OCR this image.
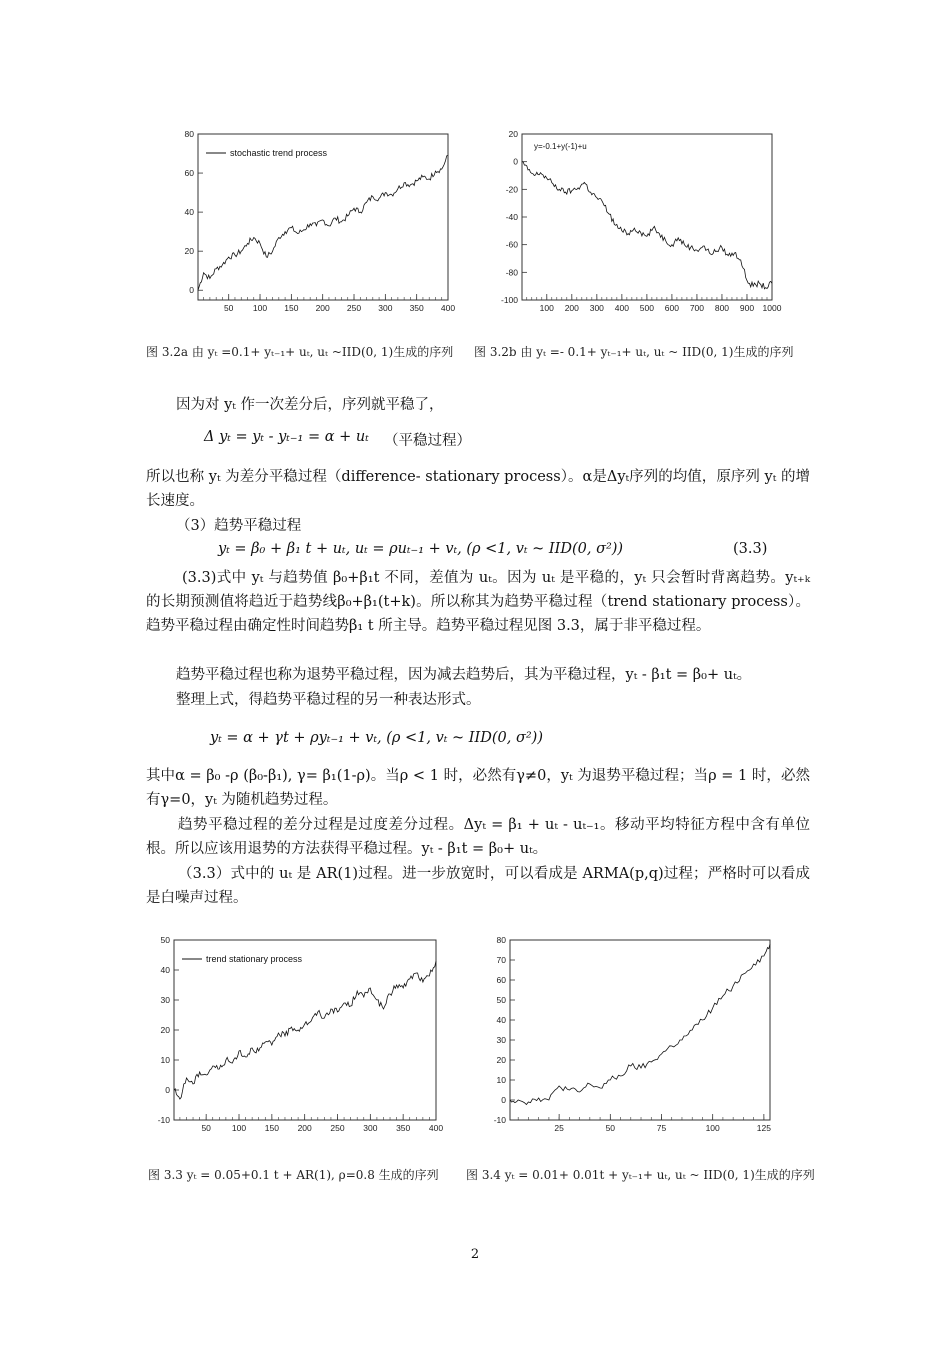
50 100 150 200 250 300 350 400
0
20
40
60
80
stochastic trend process
100 200 300 400 500 600 700 800 900 1000
-100
-80
-60
-40
-20
0
20
y=-0.1+y(-1)+u
图 3.2a 由 yₜ =0.1+ yₜ₋₁+ uₜ, uₜ ~IID(0, 1)生成的序列 图 3.2b 由 yₜ =- 0.1+ yₜ₋₁+ uₜ, uₜ ~ IID(0, 1)生成的序列
因为对 yₜ 作一次差分后，序列就平稳了，
Δ yₜ = yₜ - yₜ₋₁ = α + uₜ （平稳过程）
所以也称 yₜ 为差分平稳过程（difference- stationary process）。α是Δyₜ序列的均值，原序列 yₜ 的增长速度。
（3）趋势平稳过程
yₜ = β₀ + β₁ t + uₜ, uₜ = ρuₜ₋₁ + vₜ, (ρ <1, vₜ ~ IID(0, σ²))	(3.3)
(3.3)式中 yₜ 与趋势值 β₀+β₁t 不同，差值为 uₜ。因为 uₜ 是平稳的，yₜ 只会暂时背离趋势。yₜ₊ₖ 的长期预测值将趋近于趋势线β₀+β₁(t+k)。所以称其为趋势平稳过程（trend stationary process）。趋势平稳过程由确定性时间趋势β₁ t 所主导。趋势平稳过程见图 3.3，属于非平稳过程。
趋势平稳过程也称为退势平稳过程，因为减去趋势后，其为平稳过程，yₜ - β₁t = β₀+ uₜ。
整理上式，得趋势平稳过程的另一种表达形式。
yₜ = α + γt + ρyₜ₋₁ + vₜ, (ρ <1, vₜ ~ IID(0, σ²))
其中α = β₀ -ρ (β₀-β₁), γ= β₁(1-ρ)。当ρ < 1 时，必然有γ≠0，yₜ 为退势平稳过程；当ρ = 1 时，必然有γ=0，yₜ 为随机趋势过程。
趋势平稳过程的差分过程是过度差分过程。Δyₜ = β₁ + uₜ - uₜ₋₁。移动平均特征方程中含有单位根。所以应该用退势的方法获得平稳过程。yₜ - β₁t = β₀+ uₜ。
（3.3）式中的 uₜ 是 AR(1)过程。进一步放宽时，可以看成是 ARMA(p,q)过程；严格时可以看成是白噪声过程。
50 100 150 200 250 300 350 400
-10
0
10
20
30
40
50
trend stationary process
25	50	75	100	125
-10
0
10
20
30
40
50
60
70
80
图 3.3 yₜ = 0.05+0.1 t + AR(1), ρ=0.8 生成的序列 图 3.4 yₜ = 0.01+ 0.01t + yₜ₋₁+ uₜ, uₜ ~ IID(0, 1)生成的序列
2
